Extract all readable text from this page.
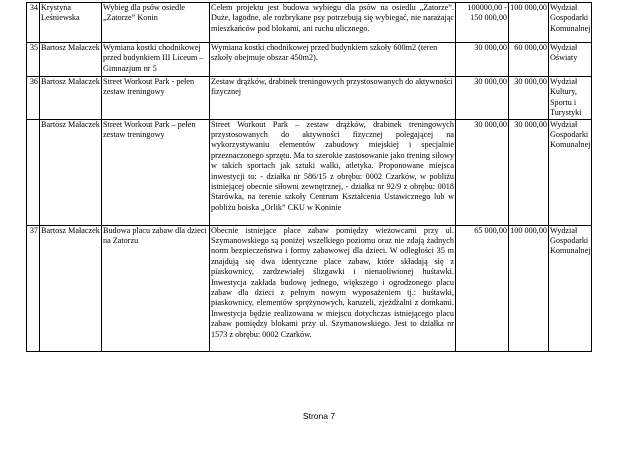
34	Krystyna Leśniewska	Wybieg dla psów osiedle „Zatorze” Konin	Celem projektu jest budowa wybiegu dla psów na osiedlu „Zatorze”. Duże, łagodne, ale rozbrykane psy potrzebują się wybiegać, nie narażając mieszkańców pod blokami, ani ruchu ulicznego.	100000,00 - 150 000,00	100 000,00	Wydział Gospodarki Komunalnej
35	Bartosz Małaczek	Wymiana kostki chodnikowej przed budynkiem III Liceum – Gimnazjum nr 5	Wymiana kostki chodnikowej przed budynkiem szkoły 600m2 (teren szkoły obejmuje obszar 450m2).	30 000,00	60 000,00	Wydział Oświaty
36	Bartosz Małaczek	Street Workout Park - pełen zestaw treningowy	Zestaw drążków, drabinek treningowych przystosowanych do aktywności fizycznej	30 000,00	30 000,00	Wydział Kultury, Sportu i Turystyki
	Bartosz Małaczek	Street Workout Park – pełen zestaw treningowy	Street Workout Park – zestaw drążków, drabinek treningowych przystosowanych do aktywności fizycznej polegającej na wykorzystywaniu elementów zabudowy miejskiej i specjalnie przeznaczonego sprzętu. Ma to szerokie zastosowanie jako trening siłowy w takich sportach jak sztuki walki, atletyka. Proponowane miejsca inwestycji to: - działka nr 586/15 z obrębu: 0002 Czarków, w pobliżu istniejącej obecnie siłowni zewnętrznej, - działka nr 92/9 z obrębu: 0018 Starówka, na terenie szkoły Centrum Kształcenia Ustawicznego lub w pobliżu boiska „Orlik” CKU w Koninie	30 000,00	30 000,00	Wydział Gospodarki Komunalnej
37	Bartosz Małaczek	Budowa placu zabaw dla dzieci na Zatorzu	Obecnie istniejące place zabaw pomiędzy wieżowcami przy ul. Szymanowskiego są poniżej wszelkiego poziomu oraz nie zdają żadnych norm bezpieczeństwa i formy zabawowej dla dzieci. W odległości 35 m znajdują się dwa identyczne place zabaw, które składają się z piaskownicy, zardzewiałej ślizgawki i nienaoliwionej huśtawki. Inwestycja zakłada budowę jednego, większego i ogrodzonego placu zabaw dla dzieci z pełnym nowym wyposażeniem tj.: huśtawki, piaskownicy, elementów sprężynowych, karuzeli, zjeżdżalni z domkami. Inwestycja będzie realizowana w miejscu dotychczas istniejącego placu zabaw pomiędzy blokami przy ul. Szymanowskiego. Jest to działka nr 1573 z obrębu: 0002 Czarków.	65 000,00	100 000,00	Wydział Gospodarki Komunalnej
Strona 7
